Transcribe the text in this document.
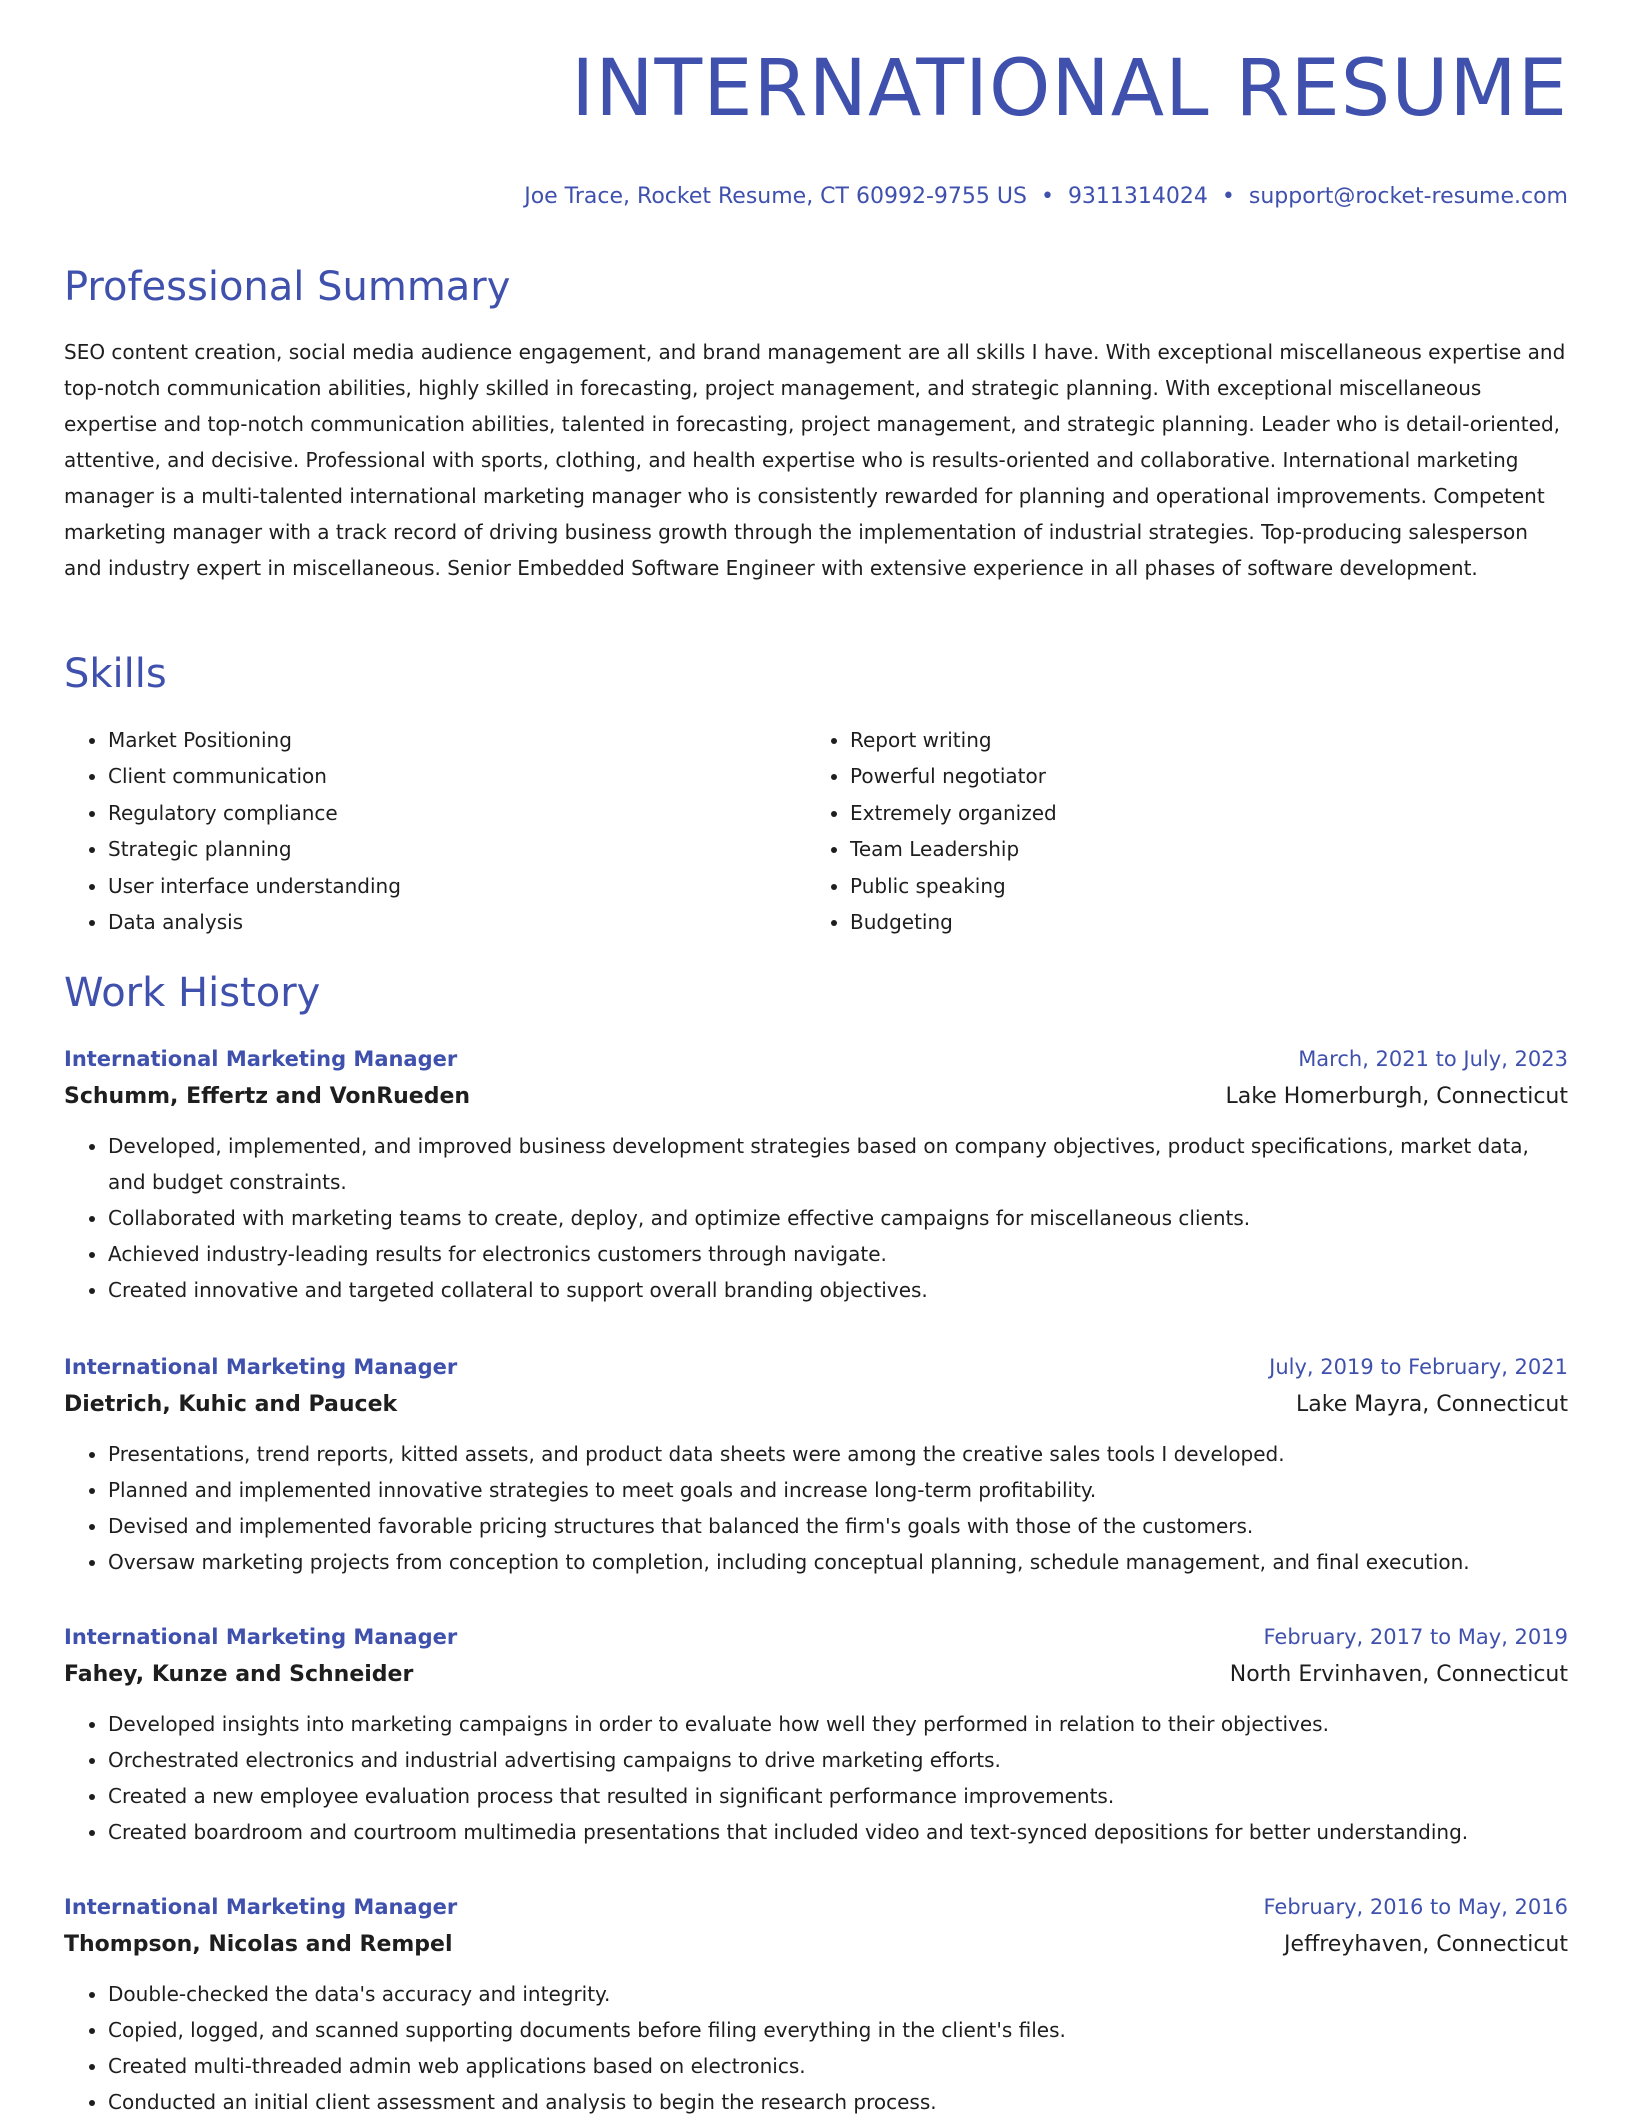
INTERNATIONAL RESUME
Joe Trace, Rocket Resume, CT 60992-9755 US • 9311314024 • support@rocket-resume.com
Professional Summary

SEO content creation, social media audience engagement, and brand management are all skills I have. With exceptional miscellaneous expertise and top-notch communication abilities, highly skilled in forecasting, project management, and strategic planning. With exceptional miscellaneous expertise and top-notch communication abilities, talented in forecasting, project management, and strategic planning. Leader who is detail-oriented, attentive, and decisive. Professional with sports, clothing, and health expertise who is results-oriented and collaborative. International marketing manager is a multi-talented international marketing manager who is consistently rewarded for planning and operational improvements. Competent marketing manager with a track record of driving business growth through the implementation of industrial strategies. Top-producing salesperson and industry expert in miscellaneous. Senior Embedded Software Engineer with extensive experience in all phases of software development.

Skills
• Market Positioning
• Client communication
• Regulatory compliance
• Strategic planning
• User interface understanding
• Data analysis
• Report writing
• Powerful negotiator
• Extremely organized
• Team Leadership
• Public speaking
• Budgeting
Work History
International Marketing Manager	March, 2021 to July, 2023
Schumm, Effertz and VonRueden	Lake Homerburgh, Connecticut
• Developed, implemented, and improved business development strategies based on company objectives, product specifications, market data, and budget constraints.
• Collaborated with marketing teams to create, deploy, and optimize effective campaigns for miscellaneous clients.
• Achieved industry-leading results for electronics customers through navigate.
• Created innovative and targeted collateral to support overall branding objectives.
International Marketing Manager	July, 2019 to February, 2021
Dietrich, Kuhic and Paucek	Lake Mayra, Connecticut
• Presentations, trend reports, kitted assets, and product data sheets were among the creative sales tools I developed.
• Planned and implemented innovative strategies to meet goals and increase long-term profitability.
• Devised and implemented favorable pricing structures that balanced the firm's goals with those of the customers.
• Oversaw marketing projects from conception to completion, including conceptual planning, schedule management, and final execution.
International Marketing Manager	February, 2017 to May, 2019
Fahey, Kunze and Schneider	North Ervinhaven, Connecticut
• Developed insights into marketing campaigns in order to evaluate how well they performed in relation to their objectives.
• Orchestrated electronics and industrial advertising campaigns to drive marketing efforts.
• Created a new employee evaluation process that resulted in significant performance improvements.
• Created boardroom and courtroom multimedia presentations that included video and text-synced depositions for better understanding.
International Marketing Manager	February, 2016 to May, 2016
Thompson, Nicolas and Rempel	Jeffreyhaven, Connecticut
• Double-checked the data's accuracy and integrity.
• Copied, logged, and scanned supporting documents before filing everything in the client's files.
• Created multi-threaded admin web applications based on electronics.
• Conducted an initial client assessment and analysis to begin the research process.
